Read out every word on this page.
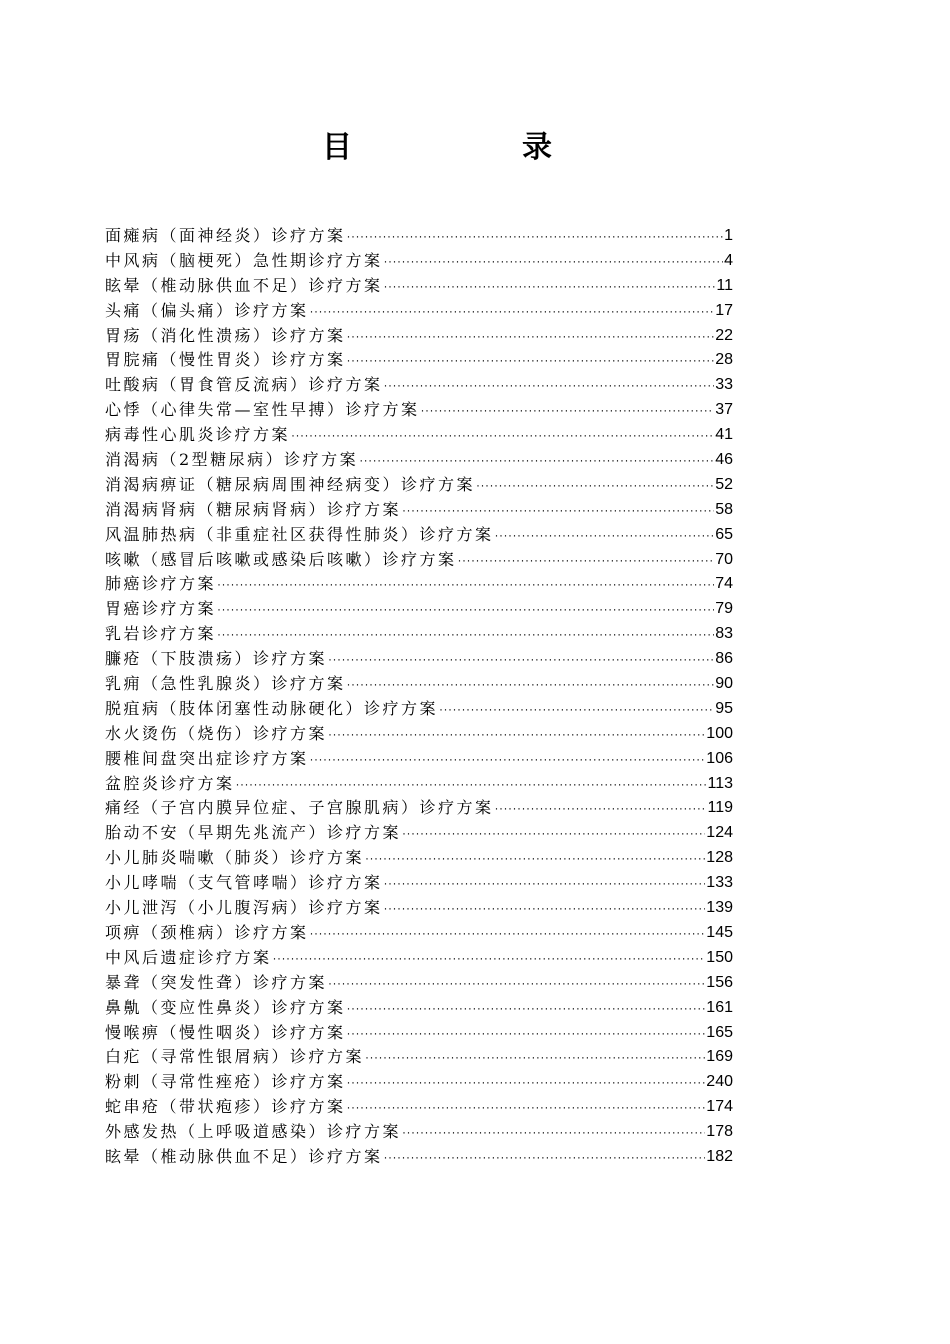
目　录
面瘫病（面神经炎）诊疗方案 ·····	1
中风病（脑梗死）急性期诊疗方案 ·····	4
眩晕（椎动脉供血不足）诊疗方案 ·····	11
头痛（偏头痛）诊疗方案 ·····	17
胃疡（消化性溃疡）诊疗方案 ·····	22
胃脘痛（慢性胃炎）诊疗方案 ·····	28
吐酸病（胃食管反流病）诊疗方案 ·····	33
心悸（心律失常—室性早搏）诊疗方案 ·····	37
病毒性心肌炎诊疗方案 ·····	41
消渴病（2型糖尿病）诊疗方案 ·····	46
消渴病痹证（糖尿病周围神经病变）诊疗方案 ·····	52
消渴病肾病（糖尿病肾病）诊疗方案 ·····	58
风温肺热病（非重症社区获得性肺炎）诊疗方案 ·····	65
咳嗽（感冒后咳嗽或感染后咳嗽）诊疗方案 ·····	70
肺癌诊疗方案 ·····	74
胃癌诊疗方案 ·····	79
乳岩诊疗方案 ·····	83
臁疮（下肢溃疡）诊疗方案 ·····	86
乳痈（急性乳腺炎）诊疗方案 ·····	90
脱疽病（肢体闭塞性动脉硬化）诊疗方案 ·····	95
水火烫伤（烧伤）诊疗方案 ·····	100
腰椎间盘突出症诊疗方案 ·····	106
盆腔炎诊疗方案 ·····	113
痛经（子宫内膜异位症、子宫腺肌病）诊疗方案 ·····	119
胎动不安（早期先兆流产）诊疗方案 ·····	124
小儿肺炎喘嗽（肺炎）诊疗方案 ·····	128
小儿哮喘（支气管哮喘）诊疗方案 ·····	133
小儿泄泻（小儿腹泻病）诊疗方案 ·····	139
项痹（颈椎病）诊疗方案 ·····	145
中风后遗症诊疗方案 ·····	150
暴聋（突发性聋）诊疗方案 ·····	156
鼻鼽（变应性鼻炎）诊疗方案 ·····	161
慢喉痹（慢性咽炎）诊疗方案 ·····	165
白疕（寻常性银屑病）诊疗方案 ·····	169
粉刺（寻常性痤疮）诊疗方案 ·····	240
蛇串疮（带状疱疹）诊疗方案 ·····	174
外感发热（上呼吸道感染）诊疗方案 ·····	178
眩晕（椎动脉供血不足）诊疗方案 ·····	182
